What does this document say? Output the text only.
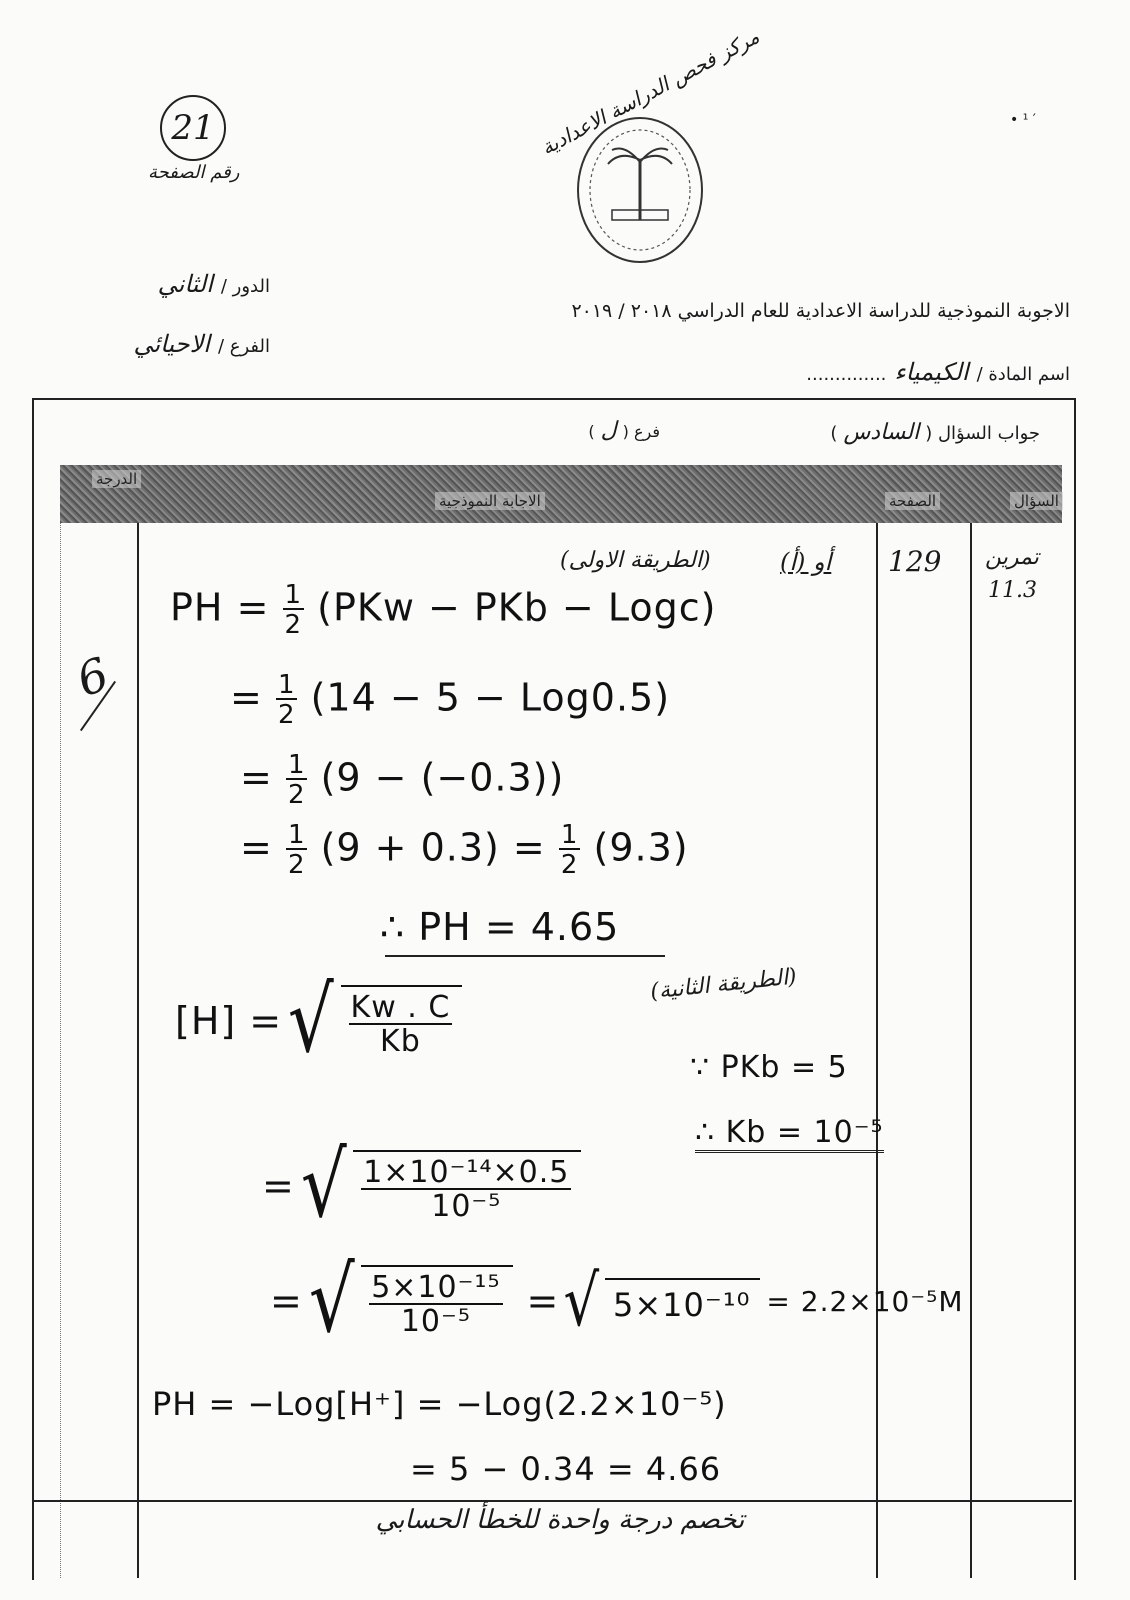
21
رقم الصفحة
مركز فحص الدراسة الاعدادية	• ¹ ′
الدور /
الثاني
الفرع /
الاحيائي
الاجوبة النموذجية للدراسة الاعدادية للعام الدراسي ٢٠١٨ / ٢٠١٩
اسم المادة /
الكيمياء
..............
جواب السؤال (
السادس
)
فرع (
ل
)
السؤال
الصفحة
الاجابة النموذجية
الدرجة
تمرين
11.3
129
6
أو (أ)
(الطريقة الاولى)
PH = $\frac{1}{2} (PKw$ − PKb − Logc)
= $\frac{1}{2} (14 - 5 - Log0.5)$
= $\frac{1}{2} (9 - (-0.3))$
= $\frac{1}{2} (9 + 0.3) = \frac{1}{2} (9.3)$
∴ PH = 4.65
(الطريقة الثانية)
[H] = √ $\frac{Kw . C}{Kb}$
∵ PKb = 5
∴ Kb = 10⁻⁵
= √ $\frac{\text{1×10⁻¹⁴×0.5}}{\text{10⁻⁵}}$
= √ $\frac{\text{5×10⁻¹⁵}}{\text{10⁻⁵}}$ = √ 5×10⁻¹⁰ = 2.2×10⁻⁵M
PH = −Log[H⁺] = −Log(2.2×10⁻⁵)
= 5 − 0.34 = 4.66
تخصم درجة واحدة للخطأ الحسابي
